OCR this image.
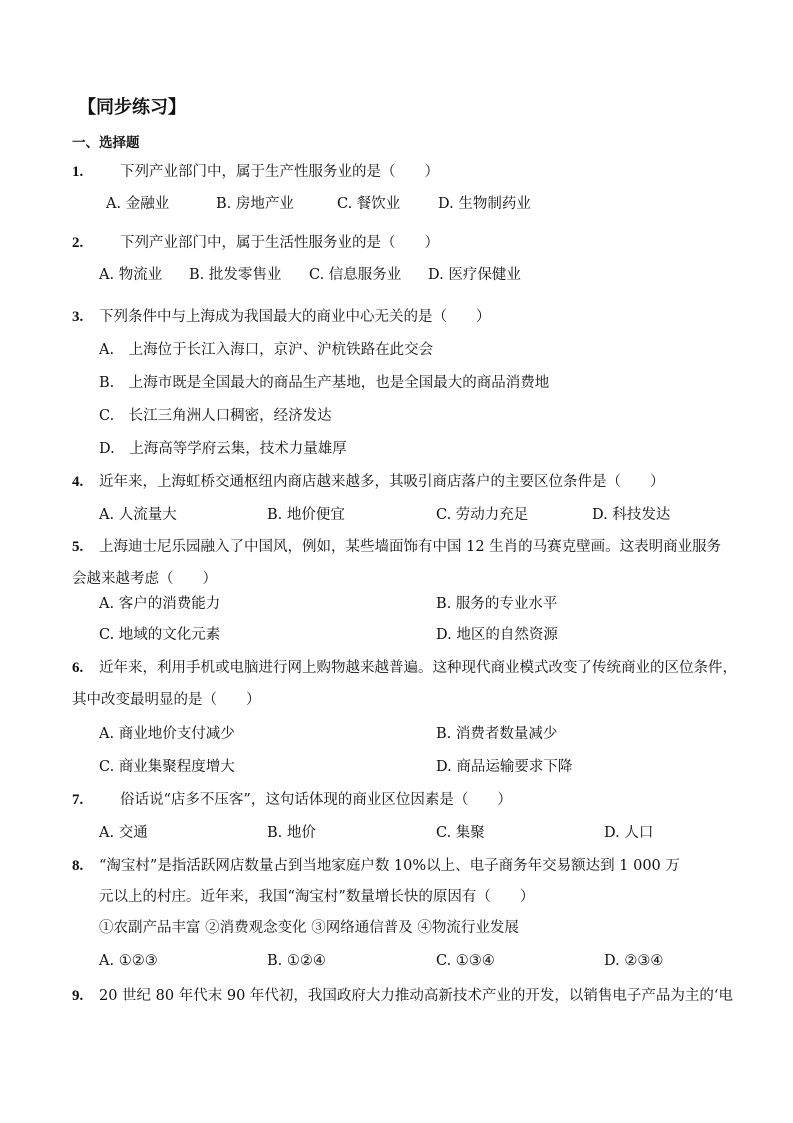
【同步练习】
一、选择题
1.	下列产业部门中，属于生产性服务业的是（　　）
A. 金融业	B. 房地产业	C. 餐饮业	D. 生物制药业
2.	下列产业部门中，属于生活性服务业的是（　　）
A. 物流业 B. 批发零售业 C. 信息服务业 D. 医疗保健业
3. 下列条件中与上海成为我国最大的商业中心无关的是（　　）
A.　上海位于长江入海口，京沪、沪杭铁路在此交会
B.　上海市既是全国最大的商品生产基地，也是全国最大的商品消费地
C.　长江三角洲人口稠密，经济发达
D.　上海高等学府云集，技术力量雄厚
4. 近年来，上海虹桥交通枢纽内商店越来越多，其吸引商店落户的主要区位条件是（　　）
A. 人流量大	B. 地价便宜	C. 劳动力充足	D. 科技发达
5. 上海迪士尼乐园融入了中国风，例如，某些墙面饰有中国 12 生肖的马赛克壁画。这表明商业服务
会越来越考虑（　　）
A. 客户的消费能力	B. 服务的专业水平
C. 地域的文化元素	D. 地区的自然资源
6. 近年来，利用手机或电脑进行网上购物越来越普遍。这种现代商业模式改变了传统商业的区位条件，
其中改变最明显的是（　　）
A. 商业地价支付减少	B. 消费者数量减少
C. 商业集聚程度增大	D. 商品运输要求下降
7.	俗话说“店多不压客”，这句话体现的商业区位因素是（　　）
A. 交通	B. 地价	C. 集聚	D. 人口
8. “淘宝村”是指活跃网店数量占到当地家庭户数 10%以上、电子商务年交易额达到 1 000 万
元以上的村庄。近年来，我国“淘宝村”数量增长快的原因有（　　）
①农副产品丰富 ②消费观念变化 ③网络通信普及 ④物流行业发展
A. ①②③	B. ①②④	C. ①③④	D. ②③④
9. 20 世纪 80 年代末 90 年代初，我国政府大力推动高新技术产业的开发，以销售电子产品为主的‘电
